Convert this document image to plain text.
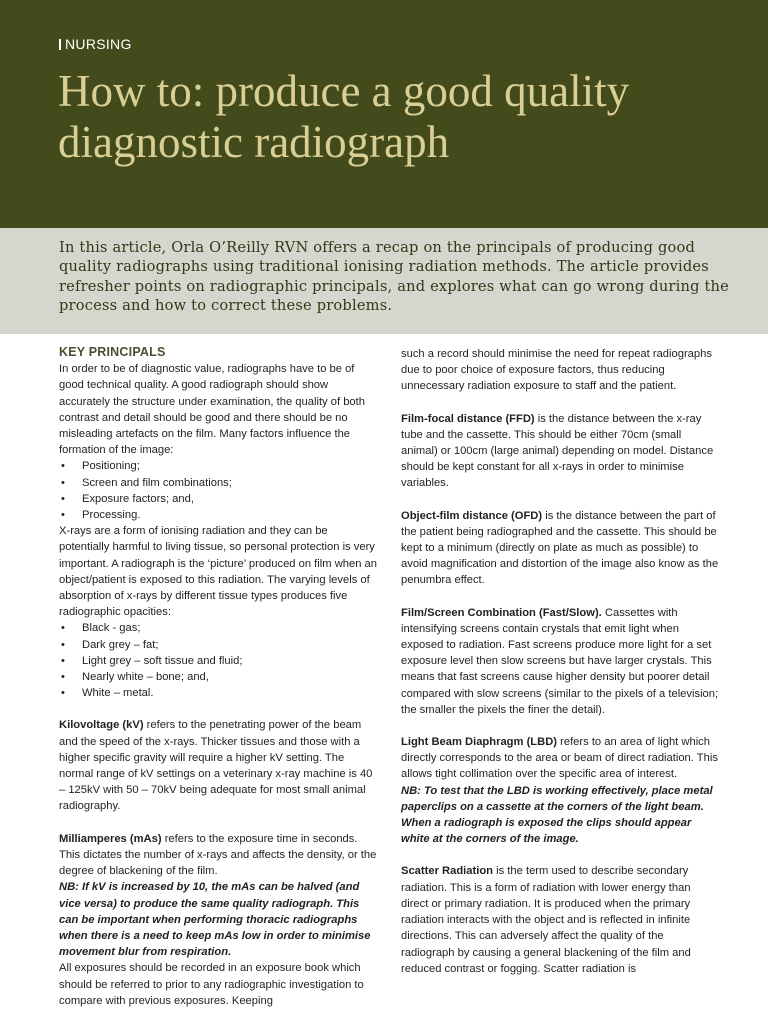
NURSING
How to: produce a good quality diagnostic radiograph

In this article, Orla O’Reilly RVN offers a recap on the principals of producing good quality radiographs using traditional ionising radiation methods. The article provides refresher points on radiographic principals, and explores what can go wrong during the process and how to correct these problems.

KEY PRINCIPALS

In order to be of diagnostic value, radiographs have to be of good technical quality. A good radiograph should show accurately the structure under examination, the quality of both contrast and detail should be good and there should be no misleading artefacts on the film. Many factors influence the formation of the image:

• Positioning;
• Screen and film combinations;
• Exposure factors; and,
• Processing.

X-rays are a form of ionising radiation and they can be potentially harmful to living tissue, so personal protection is very important. A radiograph is the ‘picture’ produced on film when an object/patient is exposed to this radiation. The varying levels of absorption of x-rays by different tissue types produces five radiographic opacities:

• Black - gas;
• Dark grey – fat;
• Light grey – soft tissue and fluid;
• Nearly white – bone; and,
• White – metal.

Kilovoltage (kV) refers to the penetrating power of the beam and the speed of the x-rays. Thicker tissues and those with a higher specific gravity will require a higher kV setting. The normal range of kV settings on a veterinary x-ray machine is 40 – 125kV with 50 – 70kV being adequate for most small animal radiography.

Milliamperes (mAs) refers to the exposure time in seconds. This dictates the number of x-rays and affects the density, or the degree of blackening of the film.

NB: If kV is increased by 10, the mAs can be halved (and vice versa) to produce the same quality radiograph. This can be important when performing thoracic radiographs when there is a need to keep mAs low in order to minimise movement blur from respiration.

All exposures should be recorded in an exposure book which should be referred to prior to any radiographic investigation to compare with previous exposures. Keeping

such a record should minimise the need for repeat radiographs due to poor choice of exposure factors, thus reducing unnecessary radiation exposure to staff and the patient.

Film-focal distance (FFD) is the distance between the x-ray tube and the cassette. This should be either 70cm (small animal) or 100cm (large animal) depending on model. Distance should be kept constant for all x-rays in order to minimise variables.

Object-film distance (OFD) is the distance between the part of the patient being radiographed and the cassette. This should be kept to a minimum (directly on plate as much as possible) to avoid magnification and distortion of the image also know as the penumbra effect.

Film/Screen Combination (Fast/Slow). Cassettes with intensifying screens contain crystals that emit light when exposed to radiation. Fast screens produce more light for a set exposure level then slow screens but have larger crystals. This means that fast screens cause higher density but poorer detail compared with slow screens (similar to the pixels of a television; the smaller the pixels the finer the detail).

Light Beam Diaphragm (LBD) refers to an area of light which directly corresponds to the area or beam of direct radiation. This allows tight collimation over the specific area of interest.

NB: To test that the LBD is working effectively, place metal paperclips on a cassette at the corners of the light beam. When a radiograph is exposed the clips should appear white at the corners of the image.

Scatter Radiation is the term used to describe secondary radiation. This is a form of radiation with lower energy than direct or primary radiation. It is produced when the primary radiation interacts with the object and is reflected in infinite directions. This can adversely affect the quality of the radiograph by causing a general blackening of the film and reduced contrast or fogging. Scatter radiation is
